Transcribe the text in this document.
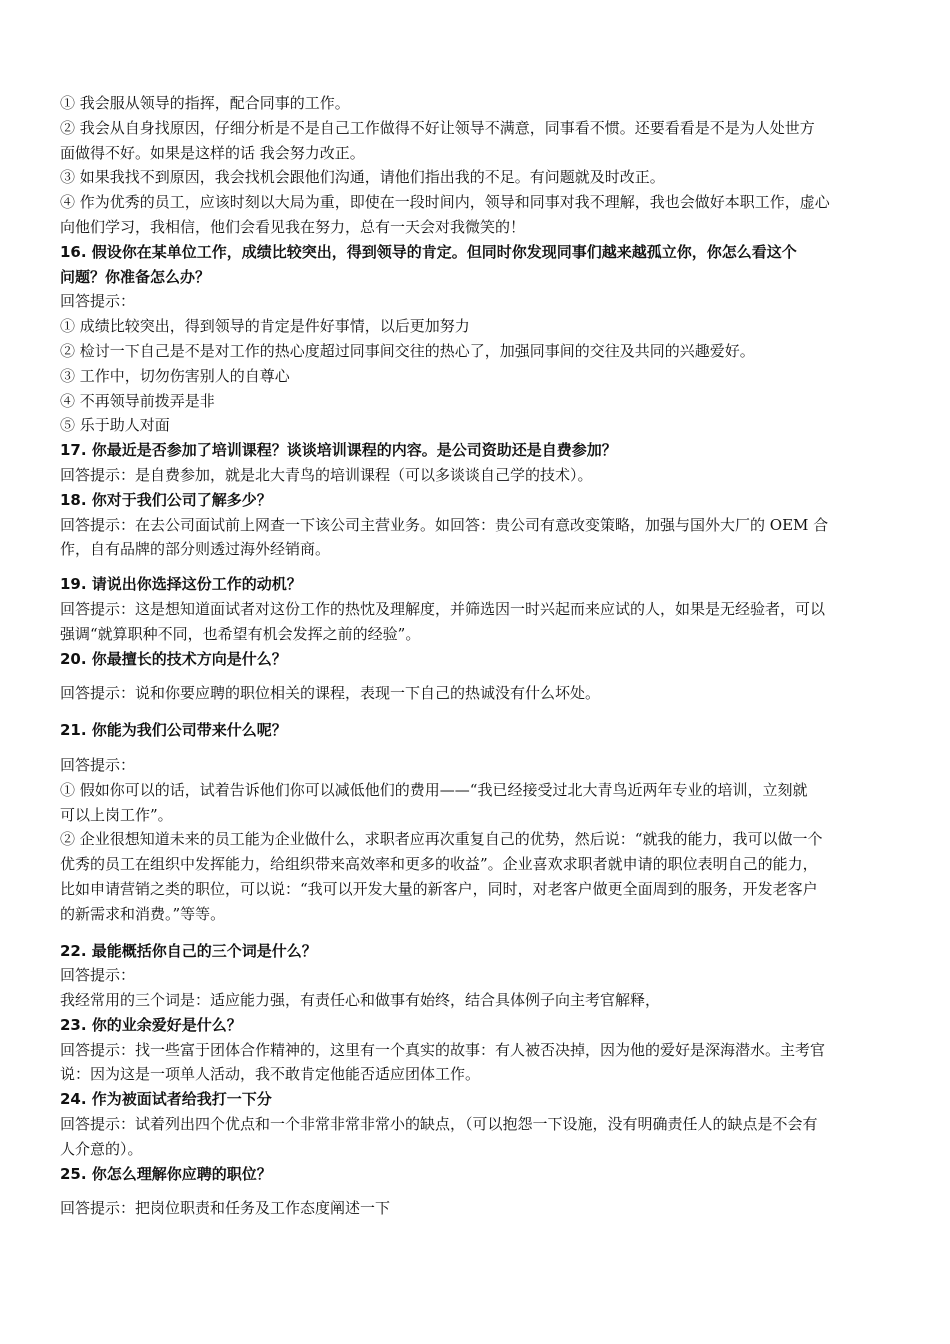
① 我会服从领导的指挥，配合同事的工作。
② 我会从自身找原因，仔细分析是不是自己工作做得不好让领导不满意，同事看不惯。还要看看是不是为人处世方
面做得不好。如果是这样的话 我会努力改正。
③ 如果我找不到原因，我会找机会跟他们沟通，请他们指出我的不足。有问题就及时改正。
④ 作为优秀的员工，应该时刻以大局为重，即使在一段时间内，领导和同事对我不理解，我也会做好本职工作，虚心
向他们学习，我相信，他们会看见我在努力，总有一天会对我微笑的！
16. 假设你在某单位工作，成绩比较突出，得到领导的肯定。但同时你发现同事们越来越孤立你，你怎么看这个
问题？你准备怎么办？
回答提示：
① 成绩比较突出，得到领导的肯定是件好事情，以后更加努力
② 检讨一下自己是不是对工作的热心度超过同事间交往的热心了，加强同事间的交往及共同的兴趣爱好。
③ 工作中，切勿伤害别人的自尊心
④ 不再领导前拨弄是非
⑤ 乐于助人对面
17. 你最近是否参加了培训课程？谈谈培训课程的内容。是公司资助还是自费参加？
回答提示：是自费参加，就是北大青鸟的培训课程（可以多谈谈自己学的技术）。
18. 你对于我们公司了解多少？
回答提示：在去公司面试前上网查一下该公司主营业务。如回答：贵公司有意改变策略，加强与国外大厂的 OEM 合
作，自有品牌的部分则透过海外经销商。
19. 请说出你选择这份工作的动机？
回答提示：这是想知道面试者对这份工作的热忱及理解度，并筛选因一时兴起而来应试的人，如果是无经验者，可以
强调“就算职种不同，也希望有机会发挥之前的经验”。
20. 你最擅长的技术方向是什么？
回答提示：说和你要应聘的职位相关的课程，表现一下自己的热诚没有什么坏处。
21. 你能为我们公司带来什么呢？
回答提示：
① 假如你可以的话，试着告诉他们你可以减低他们的费用——“我已经接受过北大青鸟近两年专业的培训，立刻就
可以上岗工作”。
② 企业很想知道未来的员工能为企业做什么，求职者应再次重复自己的优势，然后说：“就我的能力，我可以做一个
优秀的员工在组织中发挥能力，给组织带来高效率和更多的收益”。企业喜欢求职者就申请的职位表明自己的能力，
比如申请营销之类的职位，可以说：“我可以开发大量的新客户，同时，对老客户做更全面周到的服务，开发老客户
的新需求和消费。”等等。
22. 最能概括你自己的三个词是什么？
回答提示：
我经常用的三个词是：适应能力强，有责任心和做事有始终，结合具体例子向主考官解释，
23. 你的业余爱好是什么？
回答提示：找一些富于团体合作精神的，这里有一个真实的故事：有人被否决掉，因为他的爱好是深海潜水。主考官
说：因为这是一项单人活动，我不敢肯定他能否适应团体工作。
24. 作为被面试者给我打一下分
回答提示：试着列出四个优点和一个非常非常非常小的缺点，（可以抱怨一下设施，没有明确责任人的缺点是不会有
人介意的）。
25. 你怎么理解你应聘的职位？
回答提示：把岗位职责和任务及工作态度阐述一下
